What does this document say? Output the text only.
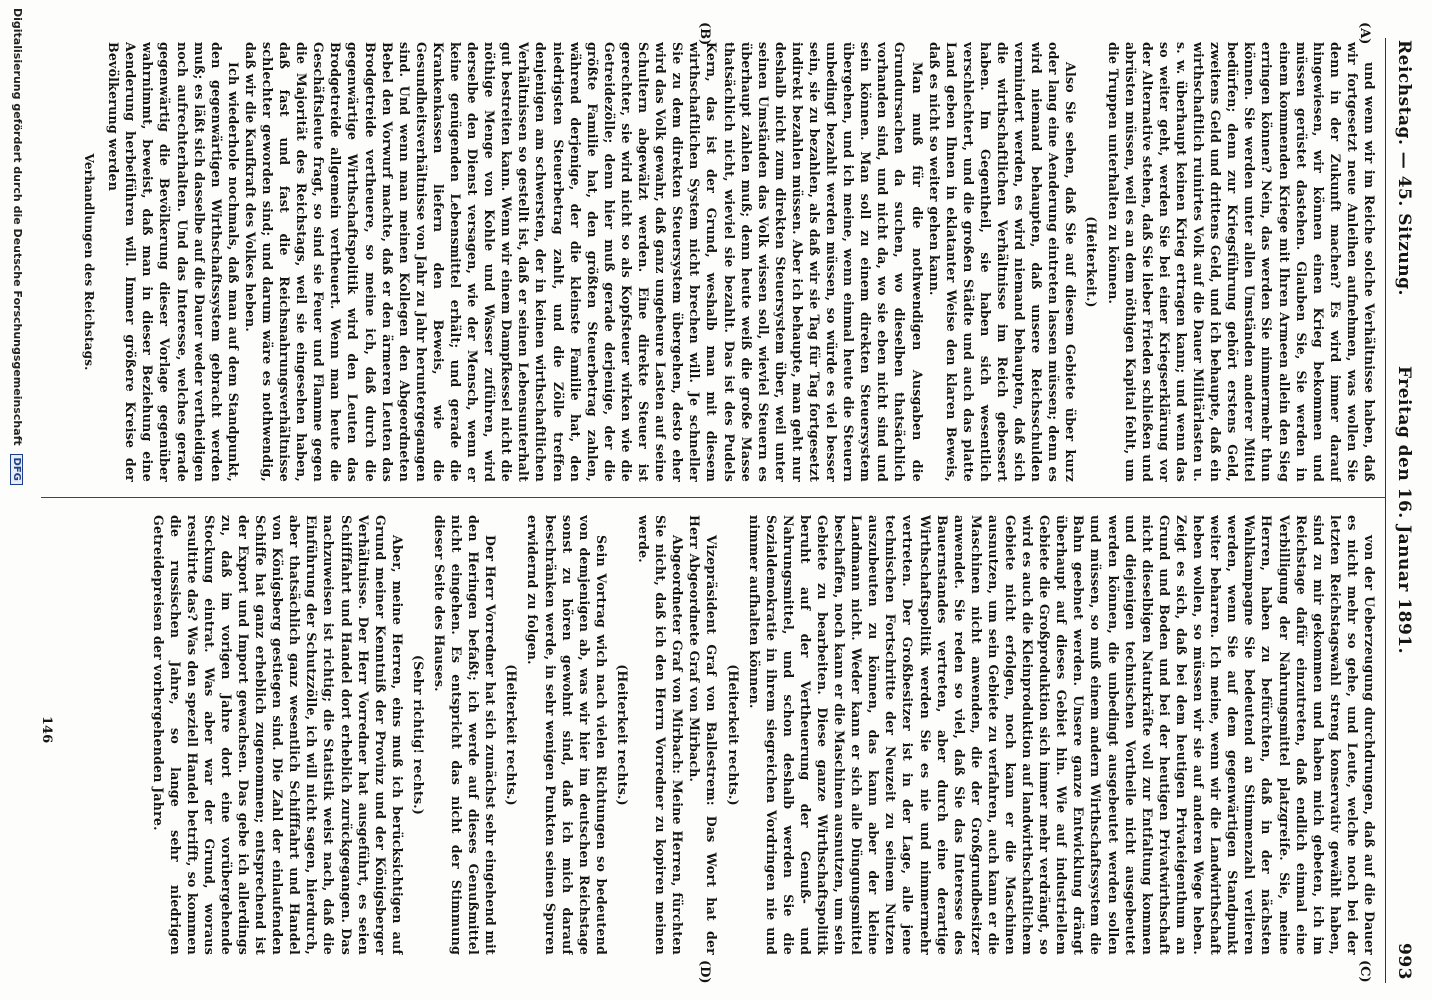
Reichstag. — 45. Sitzung.
Freitag den 16. Januar 1891.
993
(A)
(B)
(C)
(D)

und wenn wir im Reiche solche Verhältnisse haben, daß wir fortgesetzt neue Anleihen aufnehmen, was wollen Sie denn in der Zukunft machen? Es wird immer darauf hingewiesen, wir können einen Krieg bekommen und müssen gerüstet dastehen. Glauben Sie, Sie werden in einem kommenden Kriege mit Ihren Armeen allein den Sieg erringen können? Nein, das werden Sie nimmermehr thun können. Sie werden unter allen Umständen anderer Mittel bedürfen; denn zur Kriegsführung gehört erstens Geld, zweitens Geld und drittens Geld, und ich behaupte, daß ein wirthschaftlich ruinirtes Volk auf die Dauer Militärlasten u. s. w. überhaupt keinen Krieg ertragen kann; und wenn das so weiter geht, werden Sie bei einer Kriegserklärung vor der Alternative stehen, daß Sie lieber Frieden schließen und abrüsten müssen, weil es an dem nöthigen Kapital fehlt, um die Truppen unterhalten zu können.

(Heiterkeit.)

Also Sie sehen, daß Sie auf diesem Gebiete über kurz oder lang eine Aenderung eintreten lassen müssen; denn es wird niemand behaupten, daß unsere Reichsschulden vermindert werden, es wird niemand behaupten, daß sich die wirthschaftlichen Verhältnisse im Reich gebessert haben. Im Gegentheil, sie haben sich wesentlich verschlechtert, und die großen Städte und auch das platte Land geben Ihnen in eklatanter Weise den klaren Beweis, daß es nicht so weiter gehen kann.

Man muß für die nothwendigen Ausgaben die Grundursachen da suchen, wo dieselben thatsächlich vorhanden sind, und nicht da, wo sie eben nicht sind und sein können. Man soll zu einem direkten Steuersystem übergehen, und ich meine, wenn einmal heute die Steuern unbedingt bezahlt werden müssen, so würde es viel besser sein, sie zu bezahlen, als daß wir sie Tag für Tag fortgesetzt indirekt bezahlen müssen. Aber ich behaupte, man geht nur deshalb nicht zum direkten Steuersystem über, weil unter seinen Umständen das Volk wissen soll, wieviel Steuern es überhaupt zahlen muß; denn heute weiß die große Masse thatsächlich nicht, wieviel sie bezahlt. Das ist des Pudels Kern, das ist der Grund, weshalb man mit diesem wirthschaftlichen System nicht brechen will. Je schneller Sie zu dem direkten Steuersystem übergehen, desto eher wird das Volk gewahr, daß ganz ungeheure Lasten auf seine Schultern abgewälzt werden. Eine direkte Steuer ist gerechter, sie wird nicht so als Kopfsteuer wirken wie die Getreidezölle; denn hier muß gerade derjenige, der die größte Familie hat, den größten Steuerbetrag zahlen, während derjenige, der die kleinste Familie hat, den niedrigsten Steuerbetrag zahlt, und die Zölle treffen denjenigen am schwersten, der in keinen wirthschaftlichen Verhältnissen so gestellt ist, daß er seinen Lebensunterhalt gut bestreiten kann. Wenn wir einem Dampfkessel nicht die nöthige Menge von Kohle und Wasser zuführen, wird derselbe den Dienst versagen, wie der Mensch, wenn er keine genügenden Lebensmittel erhält; und gerade die Krankenkassen liefern den Beweis, wie die Gesundheitsverhältnisse von Jahr zu Jahr heruntergegangen sind. Und wenn man meinen Kollegen den Abgeordneten Bebel den Vorwurf machte, daß er den ärmeren Leuten das Brodgetreide vertheuere, so meine ich, daß durch die gegenwärtige Wirthschaftspolitik wird den Leuten das Brodgetreide allgemein vertheuert. Wenn man heute die Geschäftsleute fragt, so sind sie Feuer und Flamme gegen die Majorität des Reichstags, weil sie eingesehen haben, daß fast und fast die Reichsnahrungsverhältnisse schlechter geworden sind; und darum wäre es nothwendig, daß wir die Kaufkraft des Volkes heben.

Ich wiederhole nochmals, daß man auf dem Standpunkt, den gegenwärtigen Wirthschaftssystem gebracht werden muß; es läßt sich dasselbe auf die Dauer weder vertheidigen noch aufrechterhalten. Und das Interesse, welches gerade gegenwärtig die Bevölkerung dieser Vorlage gegenüber wahrnimmt, beweist, daß man in dieser Beziehung eine Aenderung herbeiführen will. Immer größere Kreise der Bevölkerung werden

Verhandlungen des Reichstags.

von der Ueberzeugung durchdrungen, daß auf die Dauer es nicht mehr so gehe, und Leute, welche noch bei der letzten Reichstagswahl streng konservativ gewählt haben, sind zu mir gekommen und haben mich gebeten, ich im Reichstage dafür einzutreten, daß endlich einmal eine Verbilligung der Nahrungsmittel platzgreife. Sie, meine Herren, haben zu befürchten, daß in der nächsten Wahlkampagne Sie bedeutend an Stimmenzahl verlieren werden, wenn Sie auf dem gegenwärtigen Standpunkt weiter beharren. Ich meine, wenn wir die Landwirthschaft heben wollen, so müssen wir sie auf anderen Wege heben. Zeigt es sich, daß bei dem heutigen Privateigenthum an Grund und Boden und bei der heutigen Privatwirthschaft nicht dieselbigen Naturkräfte voll zur Entfaltung kommen und diejenigen technischen Vortheile nicht ausgebeutet werden können, die unbedingt ausgebeutet werden sollen und müssen, so muß einem andern Wirthschaftssystem die Bahn geebnet werden. Unsere ganze Entwicklung drängt überhaupt auf dieses Gebiet hin. Wie auf industriellem Gebiete die Großproduktion sich immer mehr verdrängt, so wird es auch die Kleinproduktion auf landwirthschaftlichem Gebiete nicht erfolgen, noch kann er die Maschinen ausnutzen, um sein Gebiete zu verfahren, auch kann er die Maschinen nicht anwenden, die der Großgrundbesitzer anwendet. Sie reden so viel, daß Sie das Interesse des Bauernstandes vertreten, aber durch eine derartige Wirthschaftspolitik werden Sie es nie und nimmermehr vertreten. Der Großbesitzer ist in der Lage, alle jene technischen Fortschritte der Neuzeit zu seinem Nutzen auszubeuten zu können, das kann aber der kleine Landmann nicht. Weder kann er sich alle Düngungsmittel beschaffen, noch kann er die Maschinen ausnutzen, um sein Gebiete zu bearbeiten. Diese ganze Wirthschaftspolitik beruht auf der Vertheuerung der Genuß- und Nahrungsmittel, und schon deshalb werden Sie die Sozialdemokratie in ihrem siegreichen Vordringen nie und nimmer aufhalten können.

(Heiterkeit rechts.)

Vizepräsident Graf von Ballestrem: Das Wort hat der Herr Abgeordnete Graf von Mirbach.

Abgeordneter Graf von Mirbach: Meine Herren, fürchten Sie nicht, daß ich den Herrn Vorredner zu kopiren meinen werde.

(Heiterkeit rechts.)

Sein Vortrag wich nach vielen Richtungen so bedeutend von demjenigen ab, was wir hier im deutschen Reichstage sonst zu hören gewohnt sind, daß ich mich darauf beschränken werde, in sehr wenigen Punkten seinen Spuren erwidernd zu folgen.

(Heiterkeit rechts.)

Der Herr Vorredner hat sich zunächst sehr eingehend mit den Heringen befaßt; ich werde auf dieses Genußmittel nicht eingehen. Es entspricht das nicht der Stimmung dieser Seite des Hauses.

(Sehr richtig! rechts.)

Aber, meine Herren, eins muß ich berücksichtigen auf Grund meiner Kenntniß der Provinz und der Königsberger Verhältnisse. Der Herr Vorredner hat ausgeführt, es seien Schifffahrt und Handel dort erheblich zurückgegangen. Das nachzuweisen ist richtig; die Statistik weist nach, daß die Einführung der Schutzzölle, ich will nicht sagen, hierdurch, aber thatsächlich ganz wesentlich Schifffahrt und Handel von Königsberg gestiegen sind. Die Zahl der einlaufenden Schiffe hat ganz erheblich zugenommen; entsprechend ist der Export und Import gewachsen. Das gebe ich allerdings zu, daß im vorigen Jahre dort eine vorübergehende Stockung eintrat. Was aber war der Grund, woraus resultirte das? Was den speziell Handel betrifft, so kommen die russischen Jahre, so lange sehr niedrigen Getreidepreisen der vorhergehenden Jahre.

146
Digitalisierung gefördert durch die Deutsche Forschungsgemeinschaft DFG
